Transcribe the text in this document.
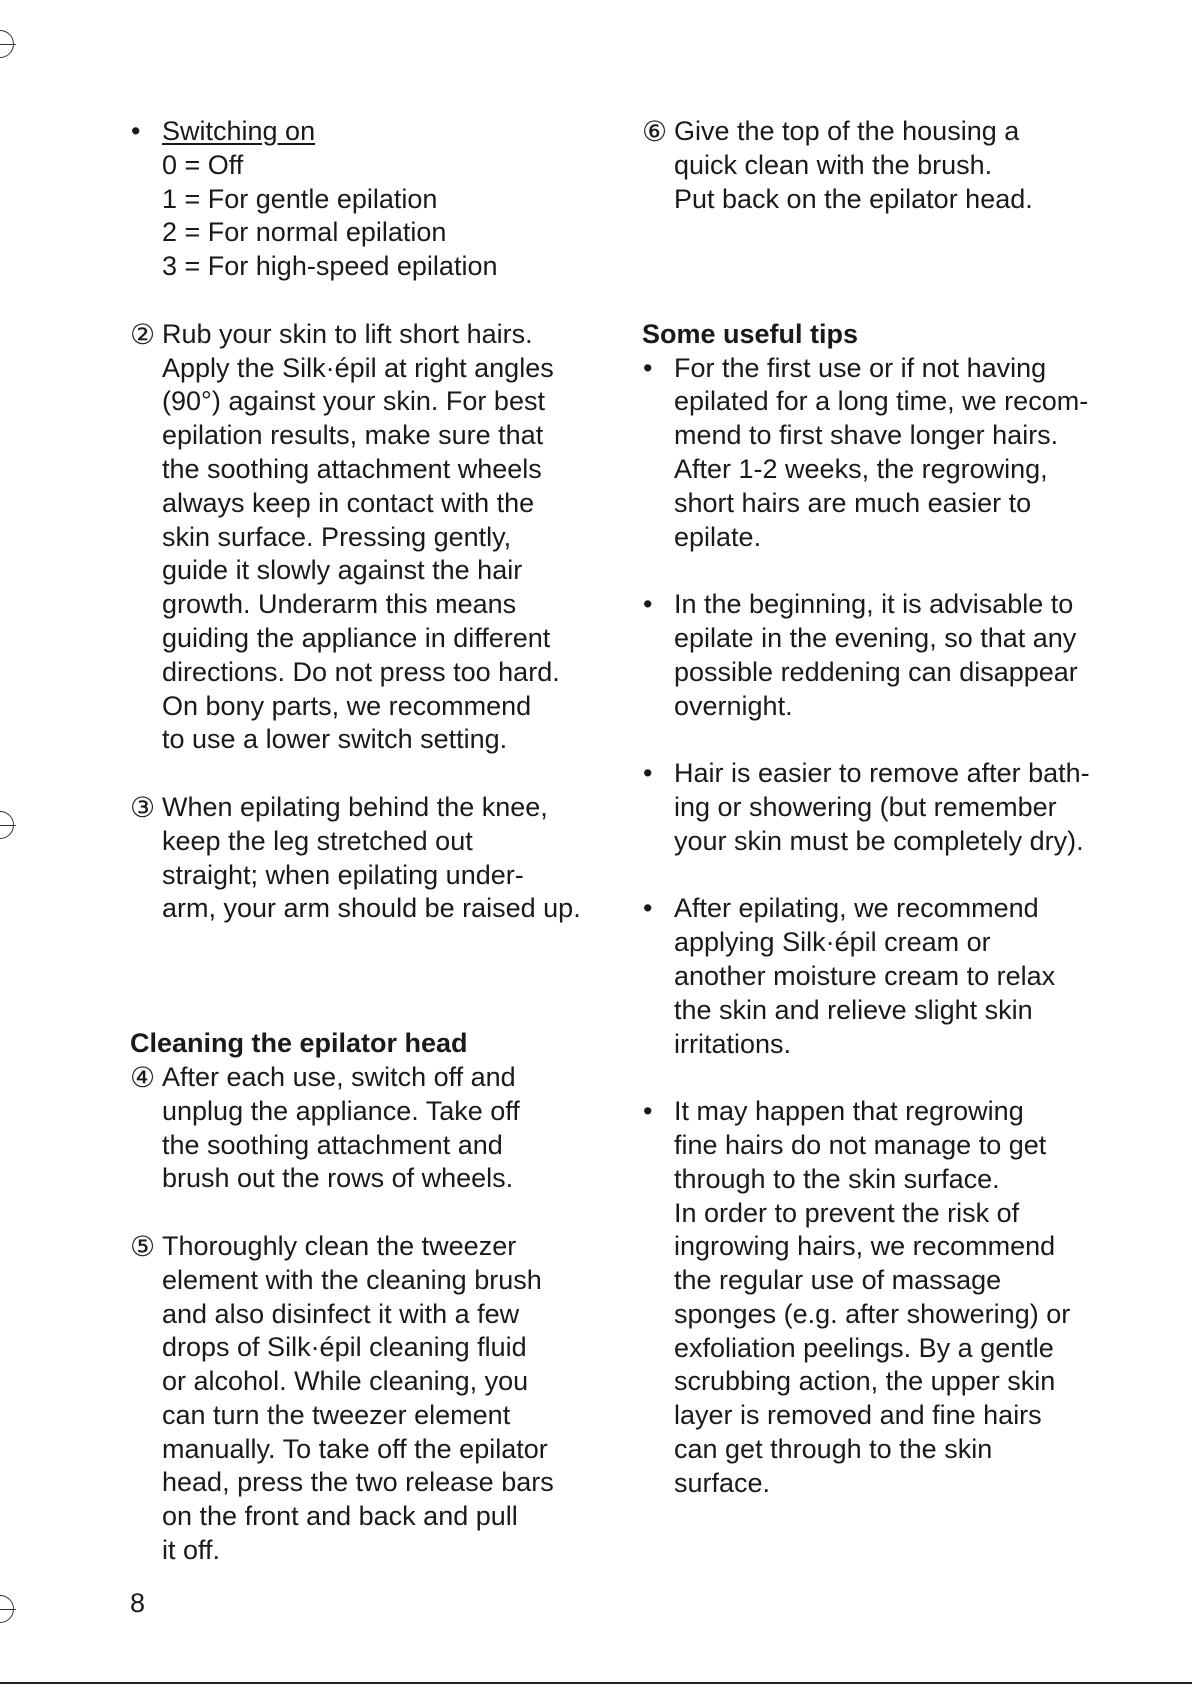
• Switching on
0 = Off
1 = For gentle epilation
2 = For normal epilation
3 = For high-speed epilation
② Rub your skin to lift short hairs.
Apply the Silk·épil at right angles
(90°) against your skin. For best
epilation results, make sure that
the soothing attachment wheels
always keep in contact with the
skin surface. Pressing gently,
guide it slowly against the hair
growth. Underarm this means
guiding the appliance in different
directions. Do not press too hard.
On bony parts, we recommend
to use a lower switch setting.
③ When epilating behind the knee,
keep the leg stretched out
straight; when epilating under-
arm, your arm should be raised up.

Cleaning the epilator head

④ After each use, switch off and
unplug the appliance. Take off
the soothing attachment and
brush out the rows of wheels.
⑤ Thoroughly clean the tweezer
element with the cleaning brush
and also disinfect it with a few
drops of Silk·épil cleaning fluid
or alcohol. While cleaning, you
can turn the tweezer element
manually. To take off the epilator
head, press the two release bars
on the front and back and pull
it off.
⑥ Give the top of the housing a
quick clean with the brush.
Put back on the epilator head.

Some useful tips

• For the first use or if not having
epilated for a long time, we recom-
mend to first shave longer hairs.
After 1-2 weeks, the regrowing,
short hairs are much easier to
epilate.
• In the beginning, it is advisable to
epilate in the evening, so that any
possible reddening can disappear
overnight.
• Hair is easier to remove after bath-
ing or showering (but remember
your skin must be completely dry).
• After epilating, we recommend
applying Silk·épil cream or
another moisture cream to relax
the skin and relieve slight skin
irritations.
• It may happen that regrowing
fine hairs do not manage to get
through to the skin surface.
In order to prevent the risk of
ingrowing hairs, we recommend
the regular use of massage
sponges (e.g. after showering) or
exfoliation peelings. By a gentle
scrubbing action, the upper skin
layer is removed and fine hairs
can get through to the skin
surface.
8
